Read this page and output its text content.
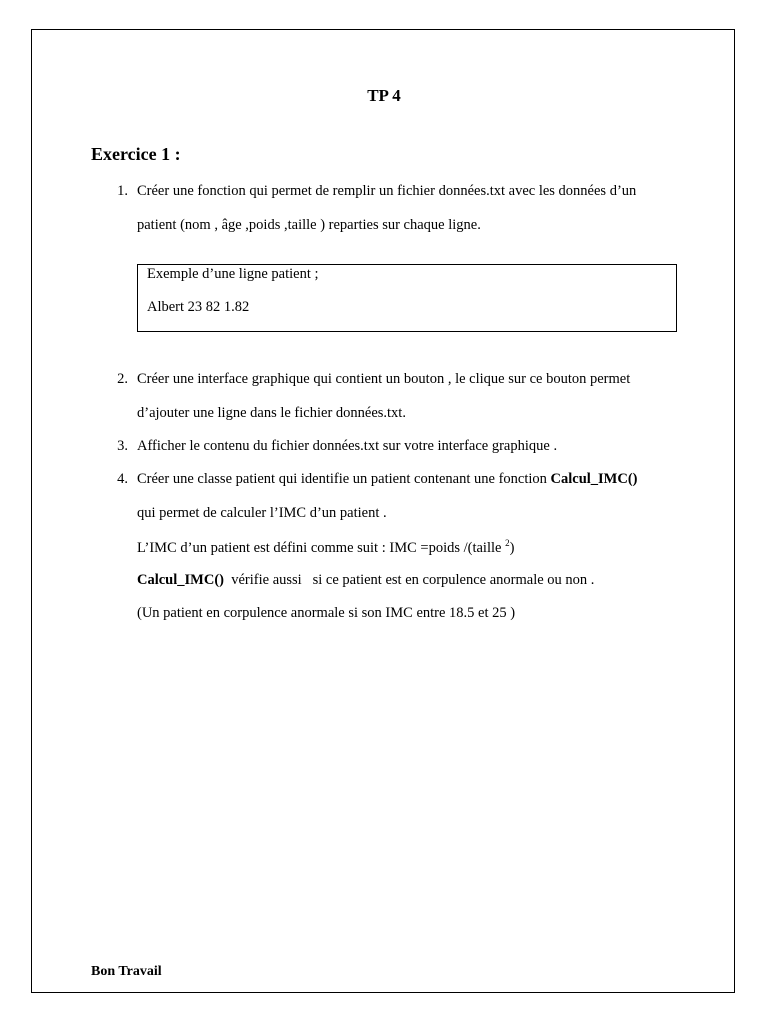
TP 4
Exercice 1 :
1. Créer une fonction qui permet de remplir un fichier données.txt avec les données d’un
patient (nom , âge ,poids ,taille ) reparties sur chaque ligne.
Exemple d’une ligne patient ;
Albert 23 82 1.82
2. Créer une interface graphique qui contient un bouton , le clique sur ce bouton permet
d’ajouter une ligne dans le fichier données.txt.
3. Afficher le contenu du fichier données.txt sur votre interface graphique .
4. Créer une classe patient qui identifie un patient contenant une fonction Calcul_IMC()
qui permet de calculer l’IMC d’un patient .
L’IMC d’un patient est défini comme suit : IMC =poids /(taille $^2$)
Calcul_IMC()  vérifie aussi   si ce patient est en corpulence anormale ou non .
(Un patient en corpulence anormale si son IMC entre 18.5 et 25 )
Bon Travail
